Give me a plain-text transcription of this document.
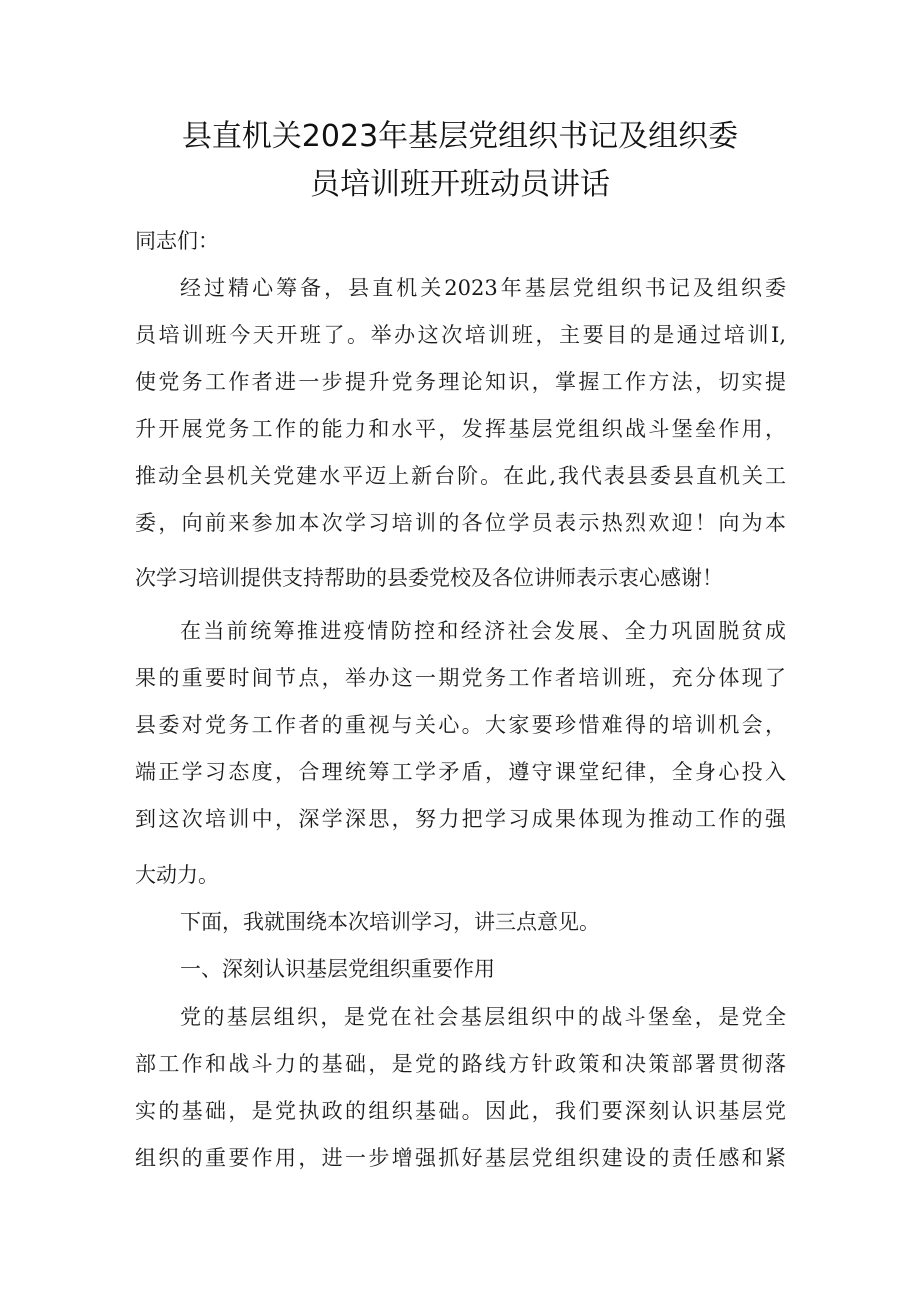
县直机关2023年基层党组织书记及组织委
员培训班开班动员讲话
同志们：
经过精心筹备，县直机关2023年基层党组织书记及组织委
员培训班今天开班了。举办这次培训班，主要目的是通过培训I,
使党务工作者进一步提升党务理论知识，掌握工作方法，切实提
升开展党务工作的能力和水平，发挥基层党组织战斗堡垒作用，
推动全县机关党建水平迈上新台阶。在此,我代表县委县直机关工
委，向前来参加本次学习培训的各位学员表示热烈欢迎！向为本
次学习培训提供支持帮助的县委党校及各位讲师表示衷心感谢！
在当前统筹推进疫情防控和经济社会发展、全力巩固脱贫成
果的重要时间节点，举办这一期党务工作者培训班，充分体现了
县委对党务工作者的重视与关心。大家要珍惜难得的培训机会，
端正学习态度，合理统筹工学矛盾，遵守课堂纪律，全身心投入
到这次培训中，深学深思，努力把学习成果体现为推动工作的强
大动力。
下面，我就围绕本次培训学习，讲三点意见。
一、深刻认识基层党组织重要作用
党的基层组织，是党在社会基层组织中的战斗堡垒，是党全
部工作和战斗力的基础，是党的路线方针政策和决策部署贯彻落
实的基础，是党执政的组织基础。因此，我们要深刻认识基层党
组织的重要作用，进一步增强抓好基层党组织建设的责任感和紧
